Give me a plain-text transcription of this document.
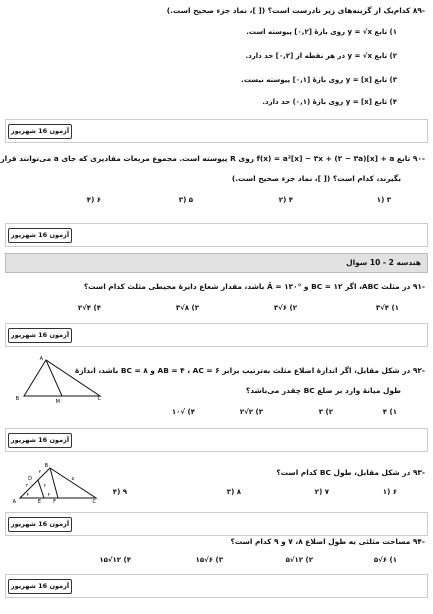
-۸۹ کدام‌یک از گزینه‌های زیر نادرست است؟ ([ ]، نماد جزء صحیح است.)
۱) تابع y = √x روی بازهٔ [۰,۲] پیوسته است.
۲) تابع y = √x در هر نقطه از [۰,۲] حد دارد.
۳) تابع y = [x] روی بازهٔ [۰,۱] پیوسته نیست.
۴) تابع y = [x] روی بازهٔ (۰,۱) حد دارد.
آزمون 16 شهریور
-۹۰ تابع f(x) = a²[x] − ۳x + (۲ − ۳a)[x] + a روی R پیوسته است. مجموع مربعات مقادیری که جای a می‌توانند قرار
بگیرند، کدام است؟ ([ ]، نماد جزء صحیح است.)
۳ (۱
۴ (۲
۵ (۳
۶ (۴
آزمون 16 شهریور
هندسه 2 - 10 سوال
-۹۱ در مثلث ABC، اگر BC = ۱۲ و Â = ۱۲۰° باشد، مقدار شعاع دایرهٔ محیطی مثلث کدام است؟
۱) ۴√۳
۲) ۶√۳
۳) ۸√۳
۴) ۴√۲
آزمون 16 شهریور
A
B	M	C
-۹۲ در شکل مقابل، اگر اندازهٔ اضلاع مثلث به‌ترتیب برابر AB = ۴ ، AC = ۶ و BC = ۸ باشد، اندازهٔ
طول میانهٔ وارد بر ضلع BC چقدر می‌باشد؟
۱) ۴
۲) ۳
۳) ۲√۲
۴) √۱۰
آزمون 16 شهریور
B
A
D
E F	C
۲
۳
۵
۴	۴
۲
-۹۳ در شکل مقابل، طول BC کدام است؟
۶ (۱
۷ (۲
۸ (۳
۹ (۴
آزمون 16 شهریور
-۹۴ مساحت مثلثی به طول اضلاع ۸، ۷ و ۹ کدام است؟
۱) ۶√۵
۲) ۱۲√۵
۳) ۶√۱۵
۴) ۱۲√۱۵
آزمون 16 شهریور
